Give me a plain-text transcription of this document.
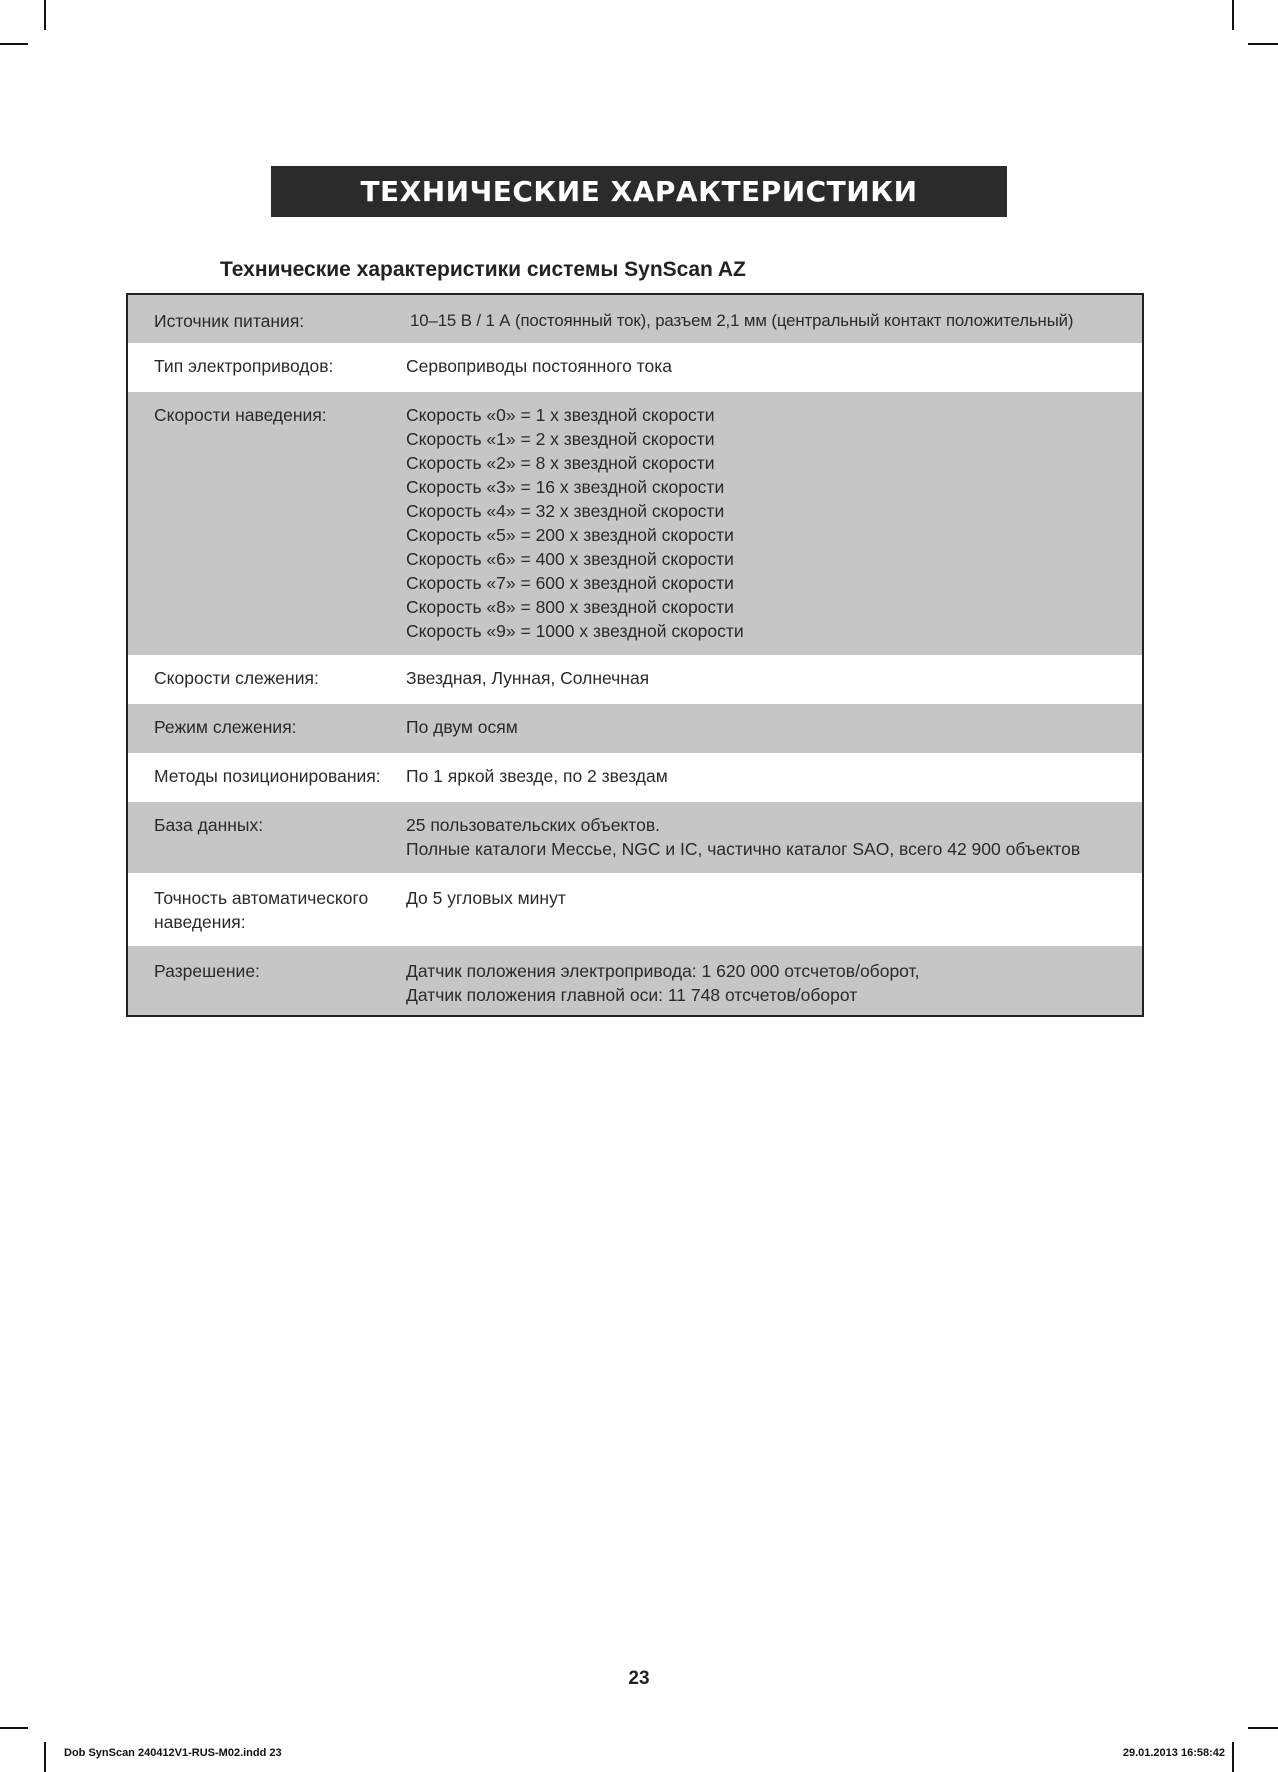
ТЕХНИЧЕСКИЕ ХАРАКТЕРИСТИКИ
Технические характеристики системы SynScan AZ
Источник питания:	10–15 В / 1 А (постоянный ток), разъем 2,1 мм (центральный контакт положительный)
Тип электроприводов:	Сервоприводы постоянного тока
Скорости наведения:	Скорость «0» = 1 х звездной скорости
Скорость «1» = 2 х звездной скорости
Скорость «2» = 8 х звездной скорости
Скорость «3» = 16 х звездной скорости
Скорость «4» = 32 х звездной скорости
Скорость «5» = 200 х звездной скорости
Скорость «6» = 400 х звездной скорости
Скорость «7» = 600 х звездной скорости
Скорость «8» = 800 х звездной скорости
Скорость «9» = 1000 х звездной скорости
Скорости слежения:	Звездная, Лунная, Солнечная
Режим слежения:	По двум осям
Методы позиционирования:	По 1 яркой звезде, по 2 звездам
База данных:	25 пользовательских объектов.
Полные каталоги Мессье, NGC и IC, частично каталог SAO, всего 42 900 объектов
Точность автоматического
наведения:
До 5 угловых минут
Разрешение:	Датчик положения электропривода: 1 620 000 отсчетов/оборот,
Датчик положения главной оси: 11 748 отсчетов/оборот
23
Dob SynScan 240412V1-RUS-M02.indd 23	29.01.2013 16:58:42
